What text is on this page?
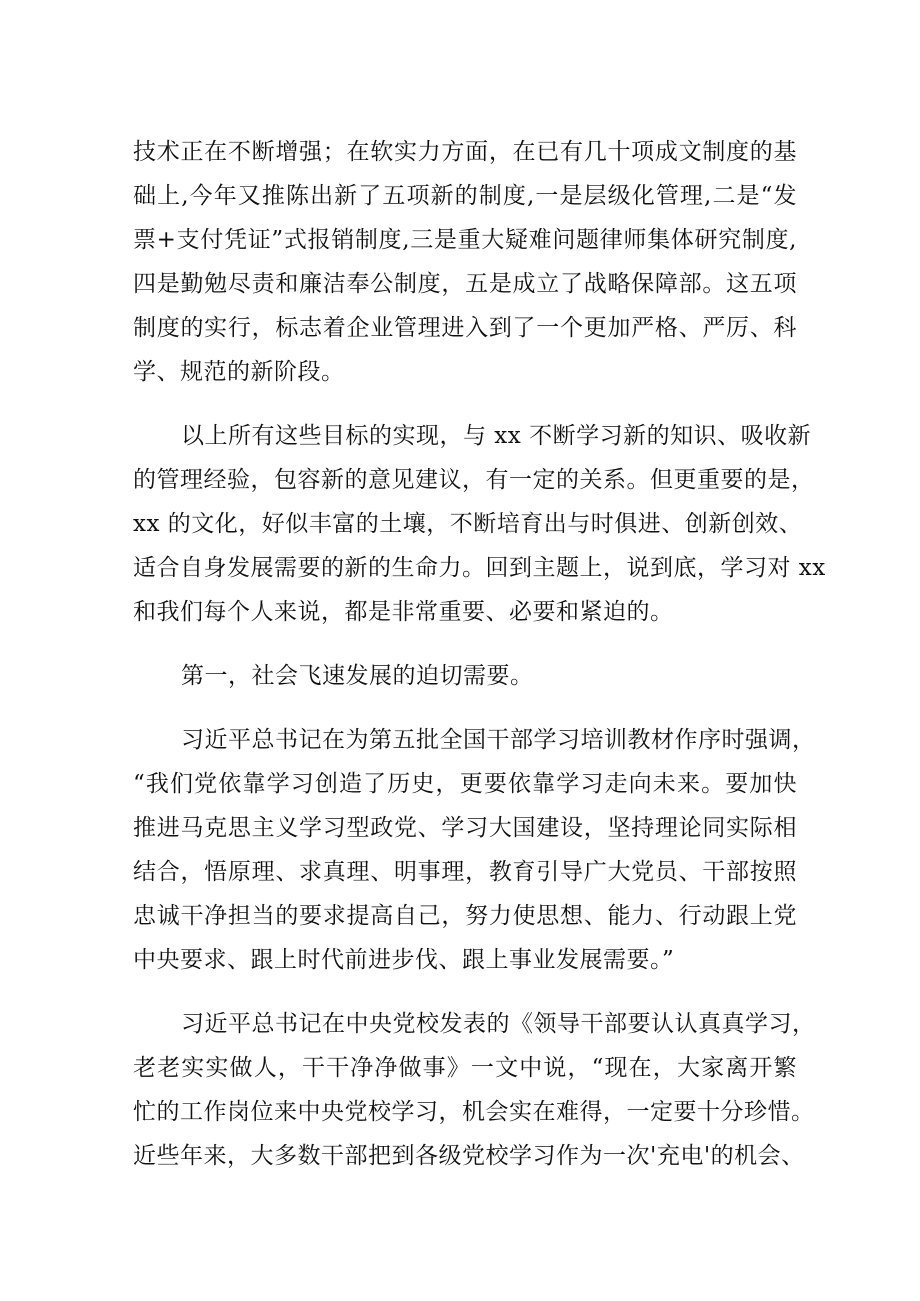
技术正在不断增强；在软实力方面，在已有几十项成文制度的基
础上,今年又推陈出新了五项新的制度,一是层级化管理,二是“发
票+支付凭证”式报销制度,三是重大疑难问题律师集体研究制度,
四是勤勉尽责和廉洁奉公制度，五是成立了战略保障部。这五项
制度的实行，标志着企业管理进入到了一个更加严格、严厉、科
学、规范的新阶段。
以上所有这些目标的实现，与 xx 不断学习新的知识、吸收新
的管理经验，包容新的意见建议，有一定的关系。但更重要的是，
xx 的文化，好似丰富的土壤，不断培育出与时俱进、创新创效、
适合自身发展需要的新的生命力。回到主题上，说到底，学习对 xx
和我们每个人来说，都是非常重要、必要和紧迫的。
第一，社会飞速发展的迫切需要。
习近平总书记在为第五批全国干部学习培训教材作序时强调，
“我们党依靠学习创造了历史，更要依靠学习走向未来。要加快
推进马克思主义学习型政党、学习大国建设，坚持理论同实际相
结合，悟原理、求真理、明事理，教育引导广大党员、干部按照
忠诚干净担当的要求提高自己，努力使思想、能力、行动跟上党
中央要求、跟上时代前进步伐、跟上事业发展需要。”
习近平总书记在中央党校发表的《领导干部要认认真真学习，
老老实实做人，干干净净做事》一文中说，“现在，大家离开繁
忙的工作岗位来中央党校学习，机会实在难得，一定要十分珍惜。
近些年来，大多数干部把到各级党校学习作为一次'充电'的机会、
